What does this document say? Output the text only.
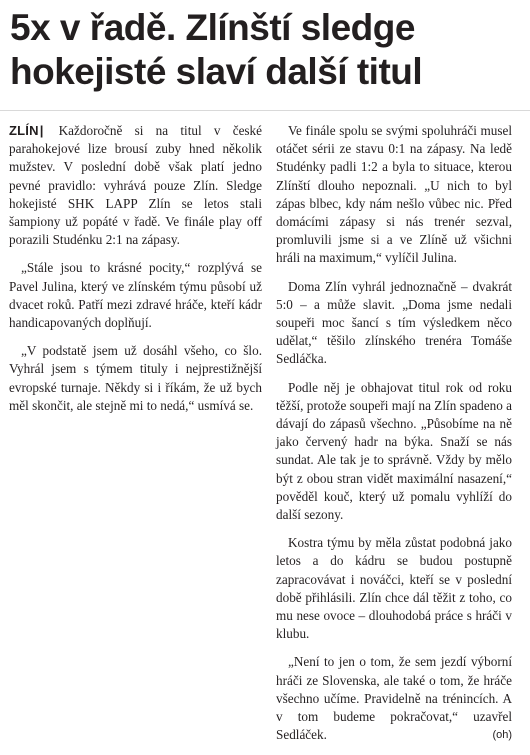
5x v řadě. Zlínští sledge
hokejisté slaví další titul

ZLÍN| Každoročně si na titul v české parahokejové lize brousí zuby hned několik mužstev. V poslední době však platí jedno pevné pravidlo: vyhrává pouze Zlín. Sledge hokejisté SHK LAPP Zlín se letos stali šampiony už popáté v řadě. Ve finále play off porazili Studénku 2:1 na zápasy.

„Stále jsou to krásné pocity,“ rozplývá se Pavel Julina, který ve zlínském týmu působí už dvacet roků. Patří mezi zdravé hráče, kteří kádr handicapovaných doplňují.

„V podstatě jsem už dosáhl všeho, co šlo. Vyhrál jsem s týmem tituly i nejprestižnější evropské turnaje. Někdy si i říkám, že už bych měl skončit, ale stejně mi to nedá,“ usmívá se.

Ve finále spolu se svými spoluhráči musel otáčet sérii ze stavu 0:1 na zápasy. Na ledě Studénky padli 1:2 a byla to situace, kterou Zlínští dlouho nepoznali. „U nich to byl zápas blbec, kdy nám nešlo vůbec nic. Před domácími zápasy si nás trenér sezval, promluvili jsme si a ve Zlíně už všichni hráli na maximum,“ vylíčil Julina.

Doma Zlín vyhrál jednoznačně – dvakrát 5:0 – a může slavit. „Doma jsme nedali soupeři moc šancí s tím výsledkem něco udělat,“ těšilo zlínského trenéra Tomáše Sedláčka.

Podle něj je obhajovat titul rok od roku těžší, protože soupeři mají na Zlín spadeno a dávají do zápasů všechno. „Působíme na ně jako červený hadr na býka. Snaží se nás sundat. Ale tak je to správně. Vždy by mělo být z obou stran vidět maximální nasazení,“ pověděl kouč, který už pomalu vyhlíží do další sezony.

Kostra týmu by měla zůstat podobná jako letos a do kádru se budou postupně zapracovávat i nováčci, kteří se v poslední době přihlásili. Zlín chce dál těžit z toho, co mu nese ovoce – dlouhodobá práce s hráči v klubu.

„Není to jen o tom, že sem jezdí výborní hráči ze Slovenska, ale také o tom, že hráče všechno učíme. Pravidelně na trénincích. A v tom budeme pokračovat,“ uzavřel Sedláček.	(oh)
